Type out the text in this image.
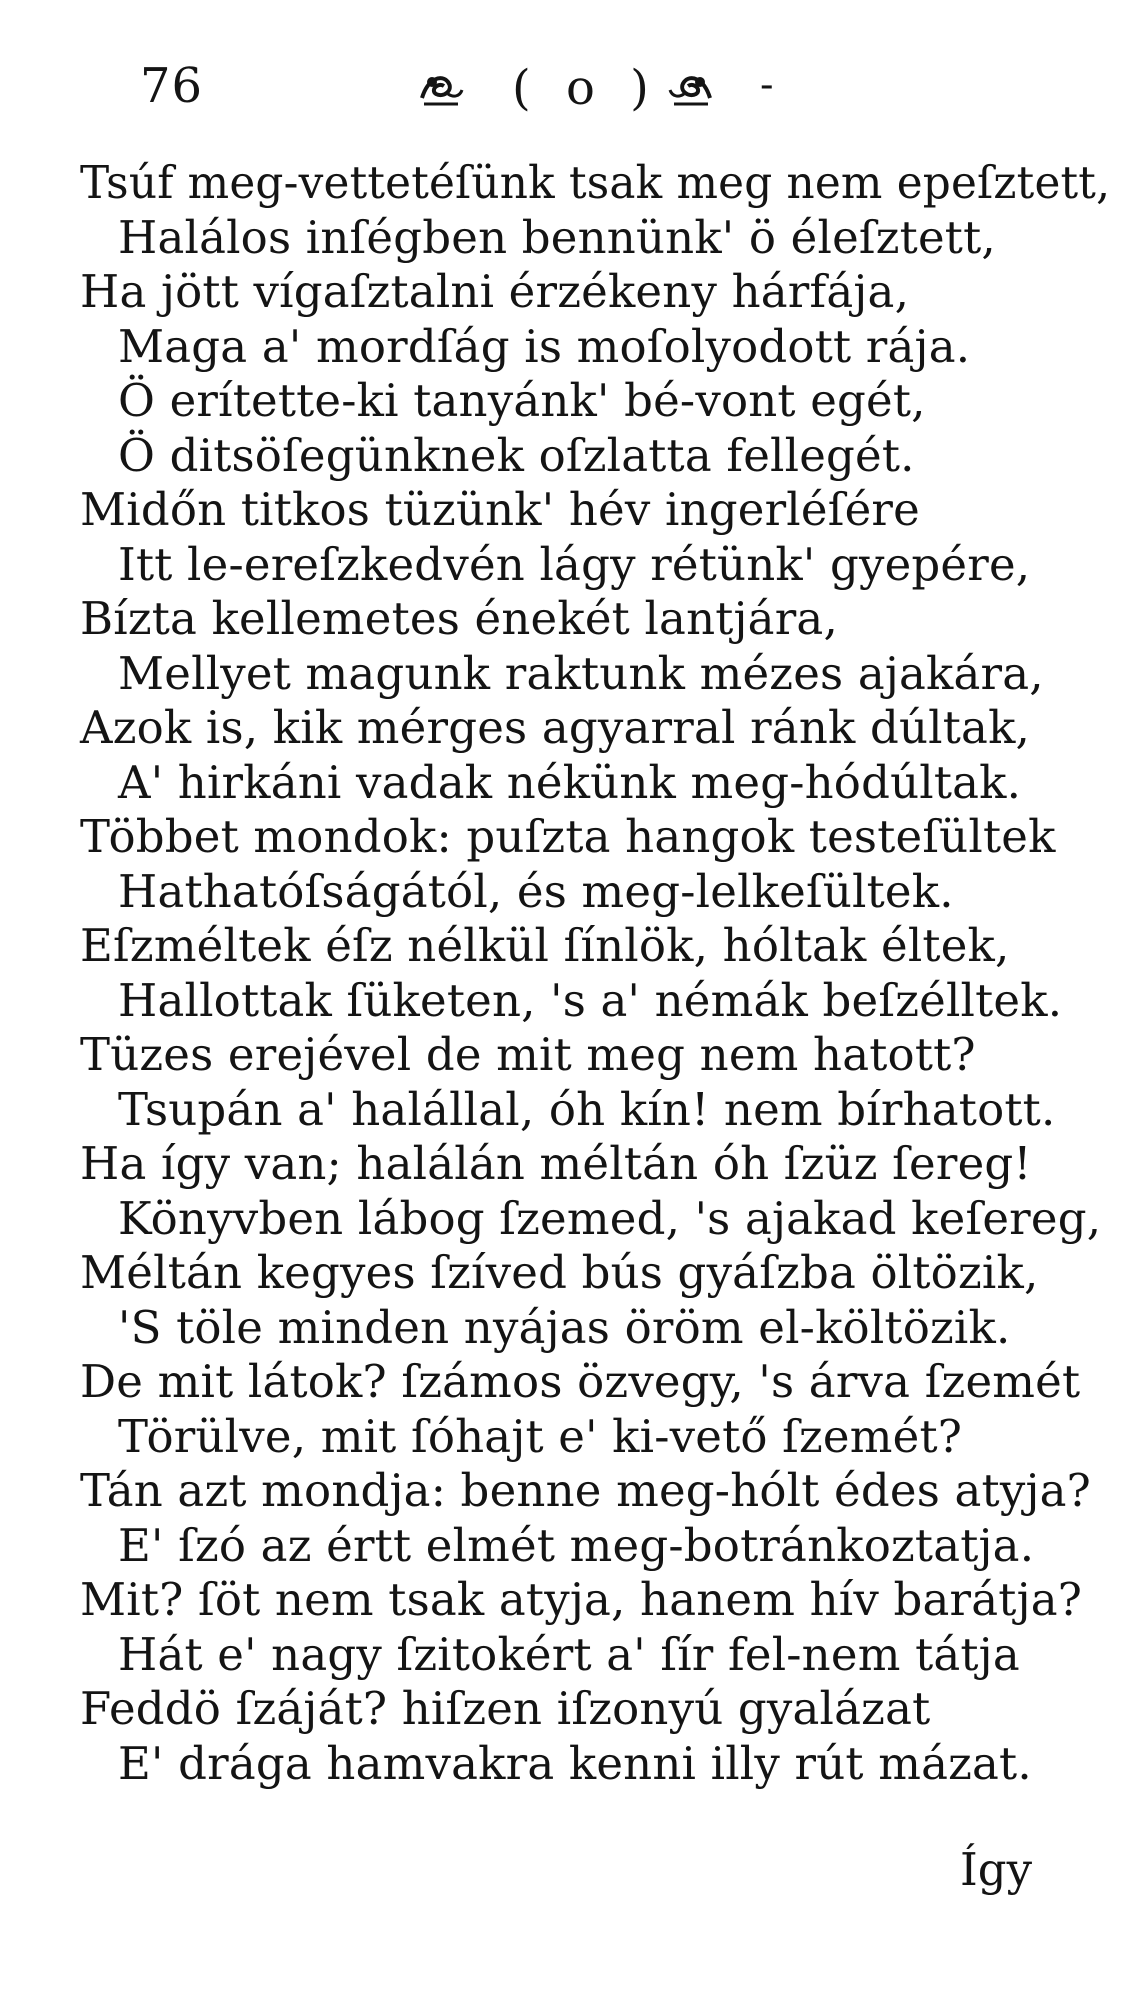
76	( o )	-
Tsúf meg-vettetéſünk tsak meg nem epeſztett,
Halálos inſégben bennünk' ö éleſztett,
Ha jött vígaſztalni érzékeny hárfája,
Maga a' mordſág is moſolyodott rája.
Ö erítette-ki tanyánk' bé-vont egét,
Ö ditsöſegünknek oſzlatta fellegét.
Midőn titkos tüzünk' hév ingerléſére
Itt le-ereſzkedvén lágy rétünk' gyepére,
Bízta kellemetes énekét lantjára,
Mellyet magunk raktunk mézes ajakára,
Azok is, kik mérges agyarral ránk dúltak,
A' hirkáni vadak nékünk meg-hódúltak.
Többet mondok: puſzta hangok testeſültek
Hathatóſságától, és meg-lelkeſültek.
Eſzméltek éſz nélkül ſínlök, hóltak éltek,
Hallottak ſüketen, 's a' némák beſzélltek.
Tüzes erejével de mit meg nem hatott?
Tsupán a' halállal, óh kín! nem bírhatott.
Ha így van; halálán méltán óh ſzüz ſereg!
Könyvben lábog ſzemed, 's ajakad keſereg,
Méltán kegyes ſzíved bús gyáſzba öltözik,
'S töle minden nyájas öröm el-költözik.
De mit látok? ſzámos özvegy, 's árva ſzemét
Törülve, mit ſóhajt e' ki-vető ſzemét?
Tán azt mondja: benne meg-hólt édes atyja?
E' ſzó az értt elmét meg-botránkoztatja.
Mit? ſöt nem tsak atyja, hanem hív barátja?
Hát e' nagy ſzitokért a' ſír fel-nem tátja
Feddö ſzáját? hiſzen iſzonyú gyalázat
E' drága hamvakra kenni illy rút mázat.
Így
